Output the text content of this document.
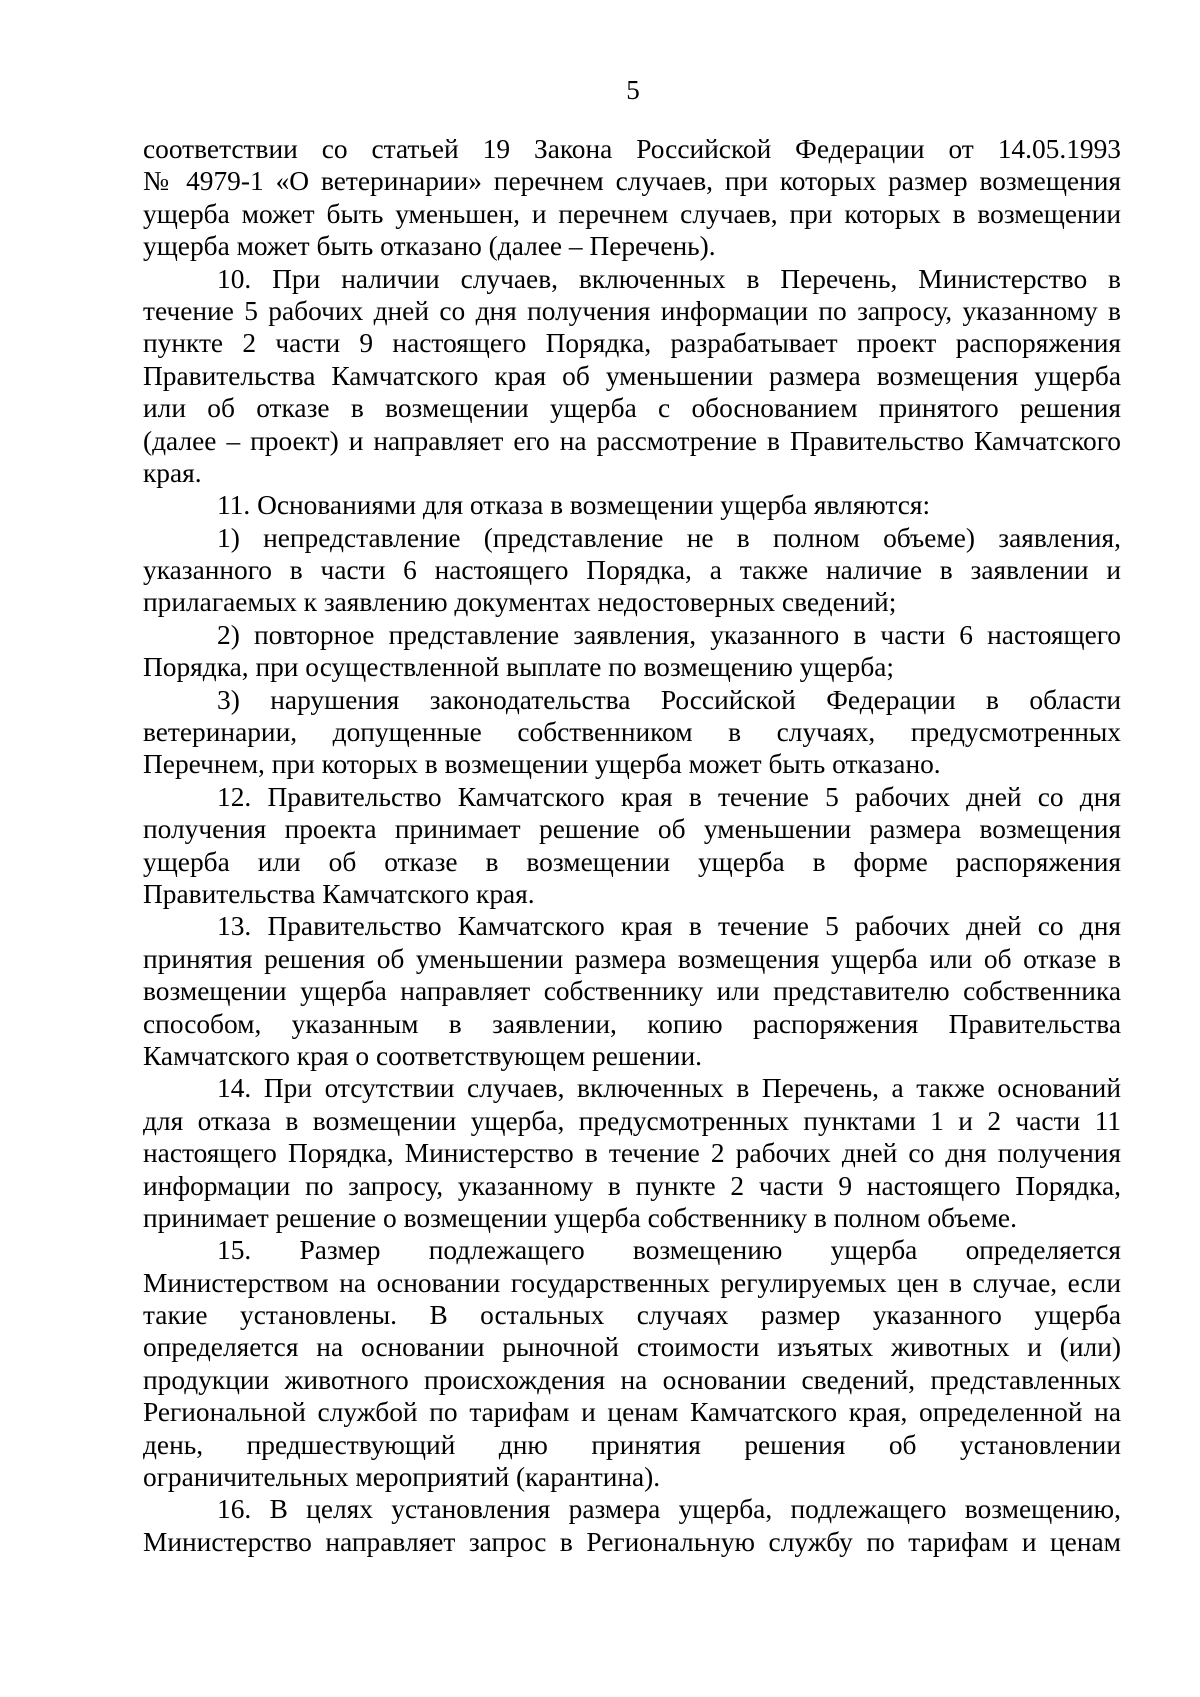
5
соответствии со статьей 19 Закона Российской Федерации от 14.05.1993
№ 4979-1 «О ветеринарии» перечнем случаев, при которых размер возмещения
ущерба может быть уменьшен, и перечнем случаев, при которых в возмещении
ущерба может быть отказано (далее – Перечень).
10. При наличии случаев, включенных в Перечень, Министерство в
течение 5 рабочих дней со дня получения информации по запросу, указанному в
пункте 2 части 9 настоящего Порядка, разрабатывает проект распоряжения
Правительства Камчатского края об уменьшении размера возмещения ущерба
или об отказе в возмещении ущерба с обоснованием принятого решения
(далее – проект) и направляет его на рассмотрение в Правительство Камчатского
края.
11. Основаниями для отказа в возмещении ущерба являются:
1) непредставление (представление не в полном объеме) заявления,
указанного в части 6 настоящего Порядка, а также наличие в заявлении и
прилагаемых к заявлению документах недостоверных сведений;
2) повторное представление заявления, указанного в части 6 настоящего
Порядка, при осуществленной выплате по возмещению ущерба;
3) нарушения законодательства Российской Федерации в области
ветеринарии, допущенные собственником в случаях, предусмотренных
Перечнем, при которых в возмещении ущерба может быть отказано.
12. Правительство Камчатского края в течение 5 рабочих дней со дня
получения проекта принимает решение об уменьшении размера возмещения
ущерба или об отказе в возмещении ущерба в форме распоряжения
Правительства Камчатского края.
13. Правительство Камчатского края в течение 5 рабочих дней со дня
принятия решения об уменьшении размера возмещения ущерба или об отказе в
возмещении ущерба направляет собственнику или представителю собственника
способом, указанным в заявлении, копию распоряжения Правительства
Камчатского края о соответствующем решении.
14. При отсутствии случаев, включенных в Перечень, а также оснований
для отказа в возмещении ущерба, предусмотренных пунктами 1 и 2 части 11
настоящего Порядка, Министерство в течение 2 рабочих дней со дня получения
информации по запросу, указанному в пункте 2 части 9 настоящего Порядка,
принимает решение о возмещении ущерба собственнику в полном объеме.
15. Размер подлежащего возмещению ущерба определяется
Министерством на основании государственных регулируемых цен в случае, если
такие установлены. В остальных случаях размер указанного ущерба
определяется на основании рыночной стоимости изъятых животных и (или)
продукции животного происхождения на основании сведений, представленных
Региональной службой по тарифам и ценам Камчатского края, определенной на
день, предшествующий дню принятия решения об установлении
ограничительных мероприятий (карантина).
16. В целях установления размера ущерба, подлежащего возмещению,
Министерство направляет запрос в Региональную службу по тарифам и ценам
